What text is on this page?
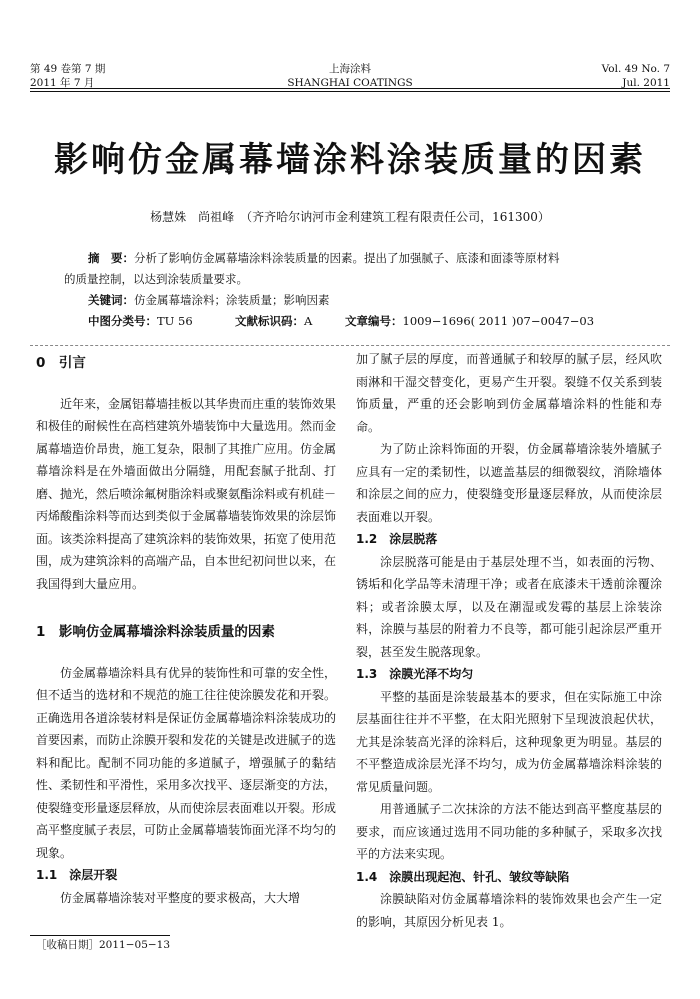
第 49 卷第 7 期
2011 年 7 月
上海涂料
SHANGHAI COATINGS
Vol. 49 No. 7
Jul. 2011
影响仿金属幕墙涂料涂装质量的因素
杨慧姝　尚祖峰　（齐齐哈尔讷河市金利建筑工程有限责任公司，161300）
摘　要：分析了影响仿金属幕墙涂料涂装质量的因素。提出了加强腻子、底漆和面漆等原材料
的质量控制，以达到涂装质量要求。
关键词：仿金属幕墙涂料；涂装质量；影响因素
中图分类号：TU 56	文献标识码：A	文章编号：1009−1696( 2011 )07−0047−03

0　引言

近年来，金属铝幕墙挂板以其华贵而庄重的装饰效果和极佳的耐候性在高档建筑外墙装饰中大量选用。然而金属幕墙造价昂贵，施工复杂，限制了其推广应用。仿金属幕墙涂料是在外墙面做出分隔缝，用配套腻子批刮、打磨、抛光，然后喷涂氟树脂涂料或聚氨酯涂料或有机硅－丙烯酸酯涂料等而达到类似于金属幕墙装饰效果的涂层饰面。该类涂料提高了建筑涂料的装饰效果，拓宽了使用范围，成为建筑涂料的高端产品，自本世纪初问世以来，在我国得到大量应用。

1　影响仿金属幕墙涂料涂装质量的因素

仿金属幕墙涂料具有优异的装饰性和可靠的安全性，但不适当的选材和不规范的施工往往使涂膜发花和开裂。正确选用各道涂装材料是保证仿金属幕墙涂料涂装成功的首要因素，而防止涂膜开裂和发花的关键是改进腻子的选料和配比。配制不同功能的多道腻子，增强腻子的黏结性、柔韧性和平滑性，采用多次找平、逐层渐变的方法，使裂缝变形量逐层释放，从而使涂层表面难以开裂。形成高平整度腻子表层，可防止金属幕墙装饰面光泽不均匀的现象。

1.1　涂层开裂

仿金属幕墙涂装对平整度的要求极高，大大增

加了腻子层的厚度，而普通腻子和较厚的腻子层，经风吹雨淋和干湿交替变化，更易产生开裂。裂缝不仅关系到装饰质量，严重的还会影响到仿金属幕墙涂料的性能和寿命。

为了防止涂料饰面的开裂，仿金属幕墙涂装外墙腻子应具有一定的柔韧性，以遮盖基层的细微裂纹，消除墙体和涂层之间的应力，使裂缝变形量逐层释放，从而使涂层表面难以开裂。

1.2　涂层脱落

涂层脱落可能是由于基层处理不当，如表面的污物、锈垢和化学品等未清理干净；或者在底漆未干透前涂覆涂料；或者涂膜太厚，以及在潮湿或发霉的基层上涂装涂料，涂膜与基层的附着力不良等，都可能引起涂层严重开裂，甚至发生脱落现象。

1.3　涂膜光泽不均匀

平整的基面是涂装最基本的要求，但在实际施工中涂层基面往往并不平整，在太阳光照射下呈现波浪起伏状，尤其是涂装高光泽的涂料后，这种现象更为明显。基层的不平整造成涂层光泽不均匀，成为仿金属幕墙涂料涂装的常见质量问题。

用普通腻子二次抹涂的方法不能达到高平整度基层的要求，而应该通过选用不同功能的多种腻子，采取多次找平的方法来实现。

1.4　涂膜出现起泡、针孔、皱纹等缺陷

涂膜缺陷对仿金属幕墙涂料的装饰效果也会产生一定的影响，其原因分析见表 1。

［收稿日期］2011−05−13
